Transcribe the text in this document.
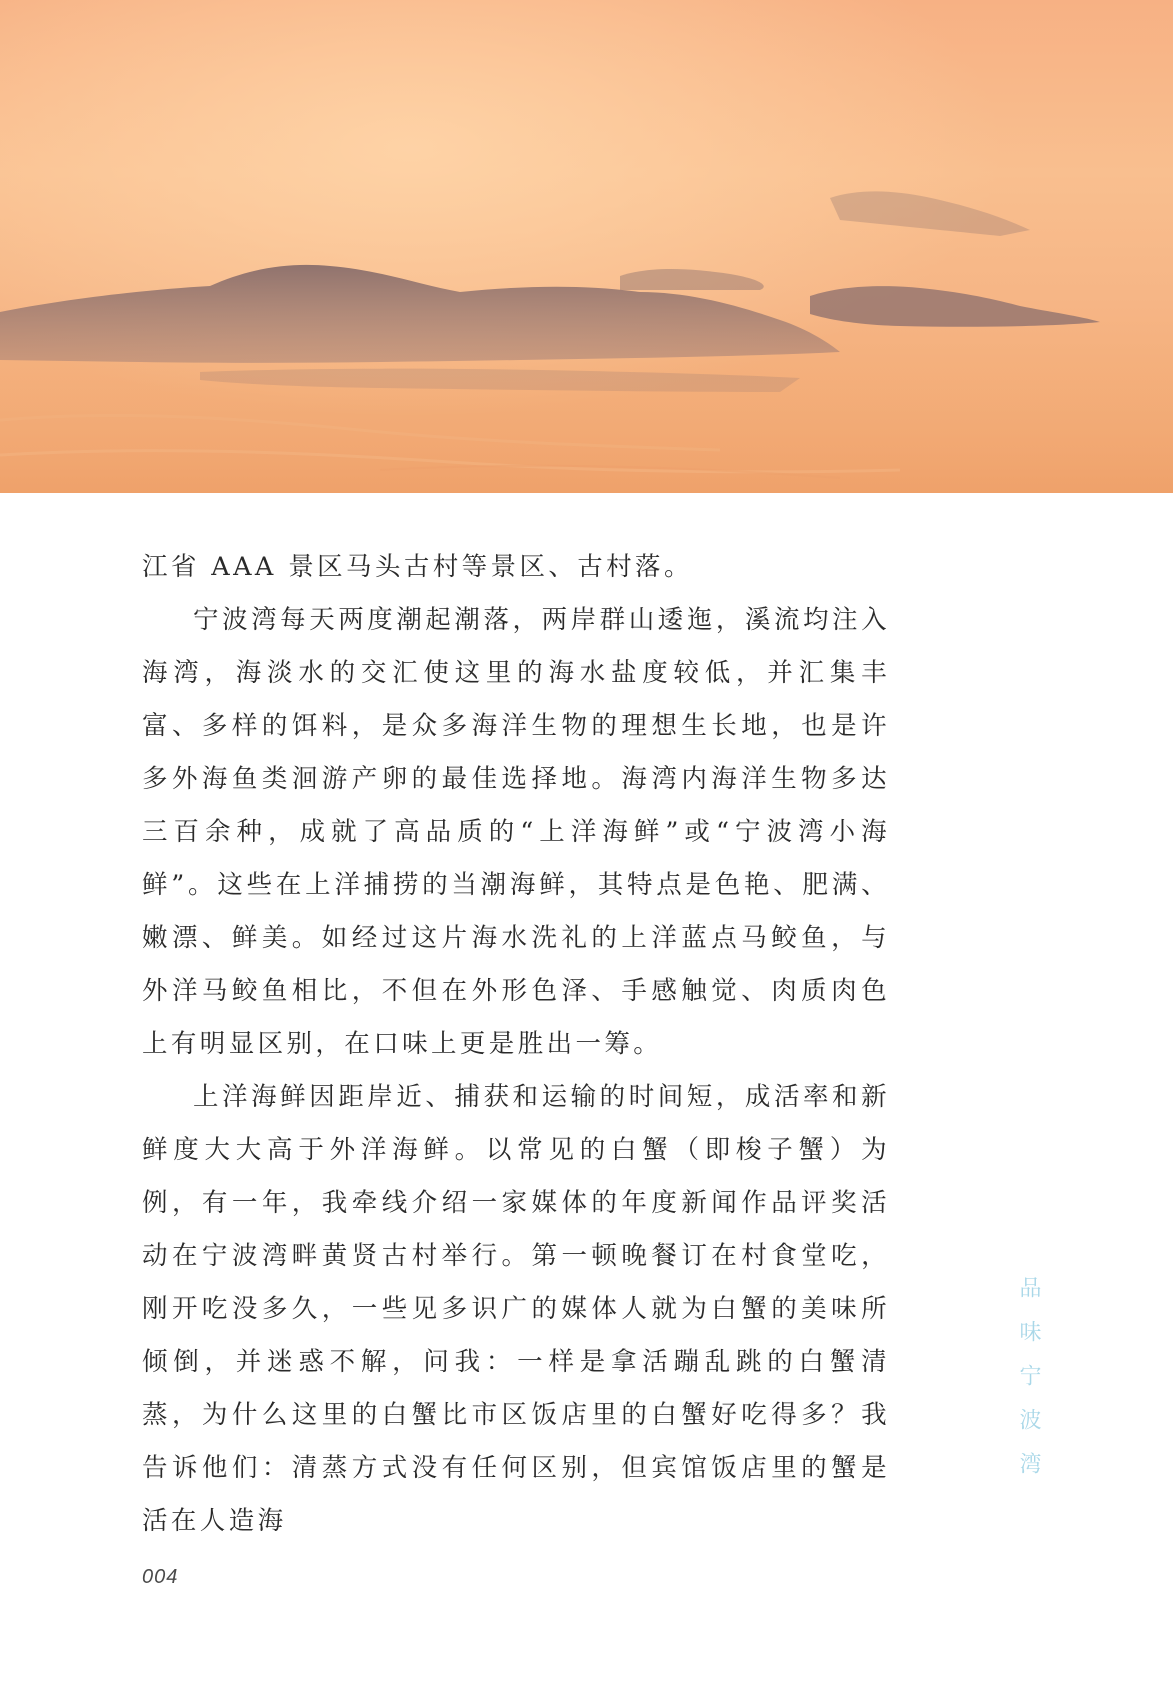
江省 AAA 景区马头古村等景区、古村落。

宁波湾每天两度潮起潮落，两岸群山逶迤，溪流均注入海湾，海淡水的交汇使这里的海水盐度较低，并汇集丰富、多样的饵料，是众多海洋生物的理想生长地，也是许多外海鱼类洄游产卵的最佳选择地。海湾内海洋生物多达三百余种，成就了高品质的“上洋海鲜”或“宁波湾小海鲜”。这些在上洋捕捞的当潮海鲜，其特点是色艳、肥满、嫩漂、鲜美。如经过这片海水洗礼的上洋蓝点马鲛鱼，与外洋马鲛鱼相比，不但在外形色泽、手感触觉、肉质肉色上有明显区别，在口味上更是胜出一筹。

上洋海鲜因距岸近、捕获和运输的时间短，成活率和新鲜度大大高于外洋海鲜。以常见的白蟹（即梭子蟹）为例，有一年，我牵线介绍一家媒体的年度新闻作品评奖活动在宁波湾畔黄贤古村举行。第一顿晚餐订在村食堂吃，刚开吃没多久，一些见多识广的媒体人就为白蟹的美味所倾倒，并迷惑不解，问我：一样是拿活蹦乱跳的白蟹清蒸，为什么这里的白蟹比市区饭店里的白蟹好吃得多？我告诉他们：清蒸方式没有任何区别，但宾馆饭店里的蟹是活在人造海

品味宁波湾
004
